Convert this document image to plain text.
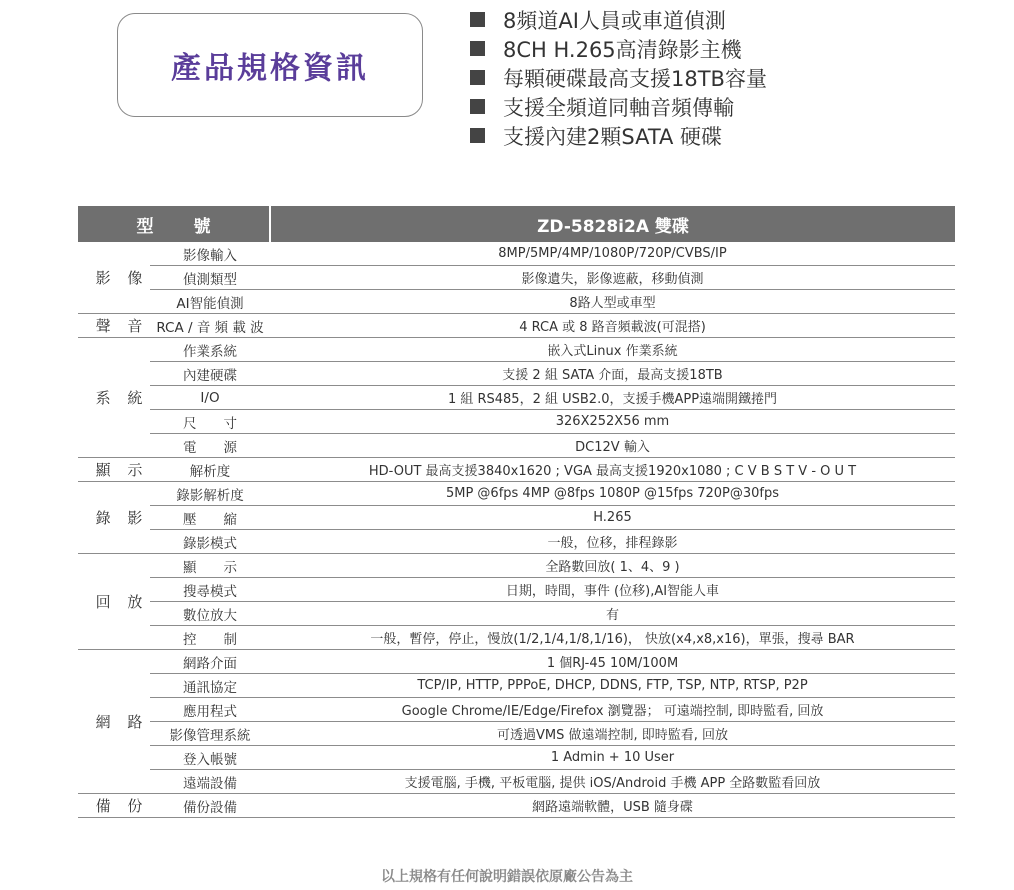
產品規格資訊
8頻道AI人員或車道偵測
8CH H.265高清錄影主機
每顆硬碟最高支援18TB容量
支援全頻道同軸音頻傳輸
支援內建2顆SATA 硬碟
型號		ZD-5828i2A 雙碟
影 像	影像輸入	8MP/5MP/4MP/1080P/720P/CVBS/IP
	偵測類型	影像遺失，影像遮蔽，移動偵測
	AI智能偵測	8路人型或車型
聲 音	RCA / 音 頻 載 波	4 RCA 或 8 路音頻載波(可混搭)
系 統	作業系統	嵌入式Linux 作業系統
	內建硬碟	支援 2 組 SATA 介面，最高支援18TB
	I/O	1 組 RS485，2 組 USB2.0，支援手機APP遠端開鐵捲門
	尺　　寸	326X252X56 mm
	電　　源	DC12V 輸入
顯 示	解析度	HD-OUT 最高支援3840x1620 ; VGA 最高支援1920x1080 ; C V B S T V - O U T
錄 影	錄影解析度	5MP @6fps 4MP @8fps 1080P @15fps 720P@30fps
	壓　　縮	H.265
	錄影模式	一般，位移，排程錄影
回 放	顯　　示	全路數回放( 1、4、9 )
	搜尋模式	日期，時間，事件 (位移),AI智能人車
	數位放大	有
	控　　制	一般，暫停，停止，慢放(1/2,1/4,1/8,1/16)， 快放(x4,x8,x16)，單張，搜尋 BAR
網 路	網路介面	1 個RJ-45 10M/100M
	通訊協定	TCP/IP, HTTP, PPPoE, DHCP, DDNS, FTP, TSP, NTP, RTSP, P2P
	應用程式	Google Chrome/IE/Edge/Firefox 瀏覽器； 可遠端控制, 即時監看, 回放
	影像管理系統	可透過VMS 做遠端控制, 即時監看, 回放
	登入帳號	1 Admin + 10 User
	遠端設備	支援電腦, 手機, 平板電腦, 提供 iOS/Android 手機 APP 全路數監看回放
備 份	備份設備	網路遠端軟體，USB 隨身碟
以上規格有任何說明錯誤依原廠公告為主
